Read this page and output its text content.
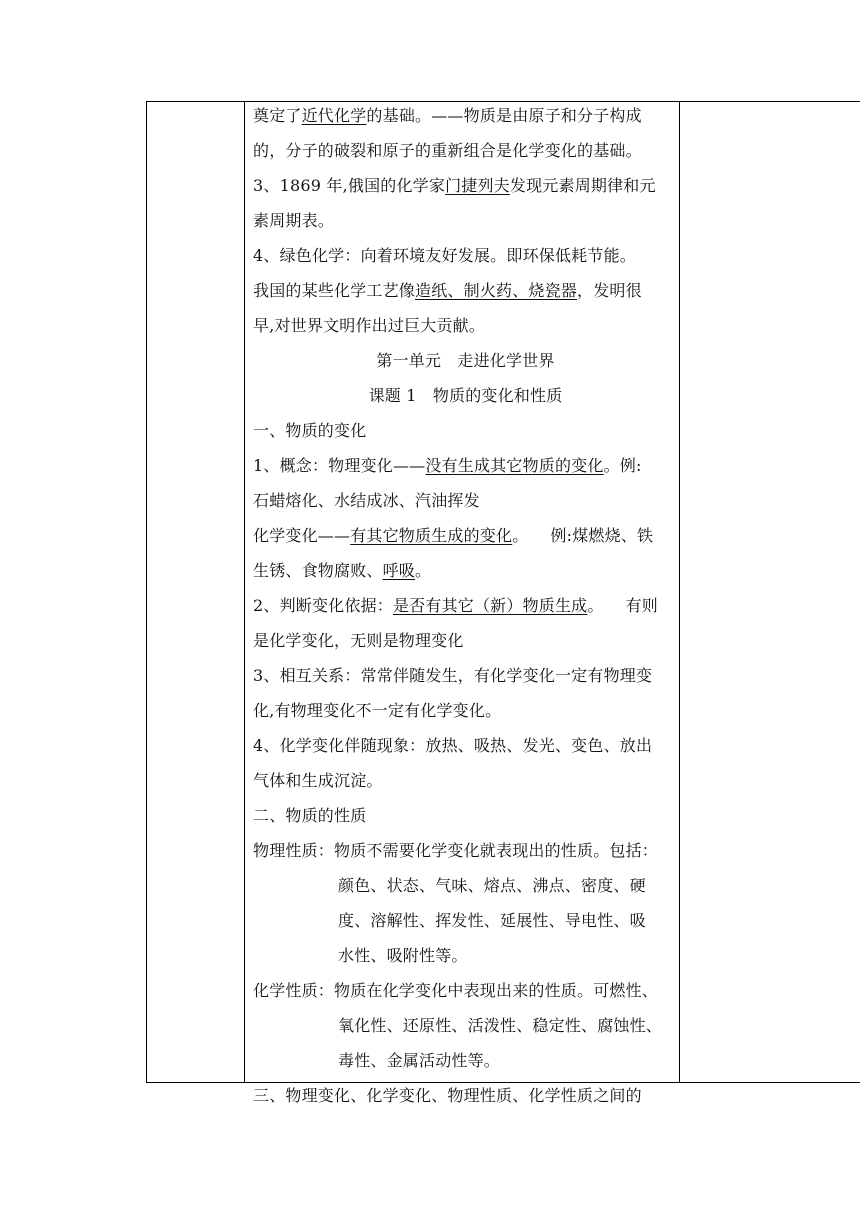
奠定了近代化学的基础。——物质是由原子和分子构成
的，分子的破裂和原子的重新组合是化学变化的基础。
3、1869 年,俄国的化学家门捷列夫发现元素周期律和元
素周期表。
4、绿色化学：向着环境友好发展。即环保低耗节能。
我国的某些化学工艺像造纸、制火药、烧瓷器，发明很
早,对世界文明作出过巨大贡献。
第一单元　走进化学世界
课题 1　物质的变化和性质
一、物质的变化
1、概念：物理变化——没有生成其它物质的变化。例:
石蜡熔化、水结成冰、汽油挥发
化学变化——有其它物质生成的变化。 例:煤燃烧、铁
生锈、食物腐败、呼吸。
2、判断变化依据：是否有其它（新）物质生成。 有则
是化学变化，无则是物理变化
3、相互关系：常常伴随发生，有化学变化一定有物理变
化,有物理变化不一定有化学变化。
4、化学变化伴随现象：放热、吸热、发光、变色、放出
气体和生成沉淀。
二、物质的性质
物理性质：物质不需要化学变化就表现出的性质。包括：
颜色、状态、气味、熔点、沸点、密度、硬
度、溶解性、挥发性、延展性、导电性、吸
水性、吸附性等。
化学性质：物质在化学变化中表现出来的性质。可燃性、
氧化性、还原性、活泼性、稳定性、腐蚀性、
毒性、金属活动性等。
三、物理变化、化学变化、物理性质、化学性质之间的
